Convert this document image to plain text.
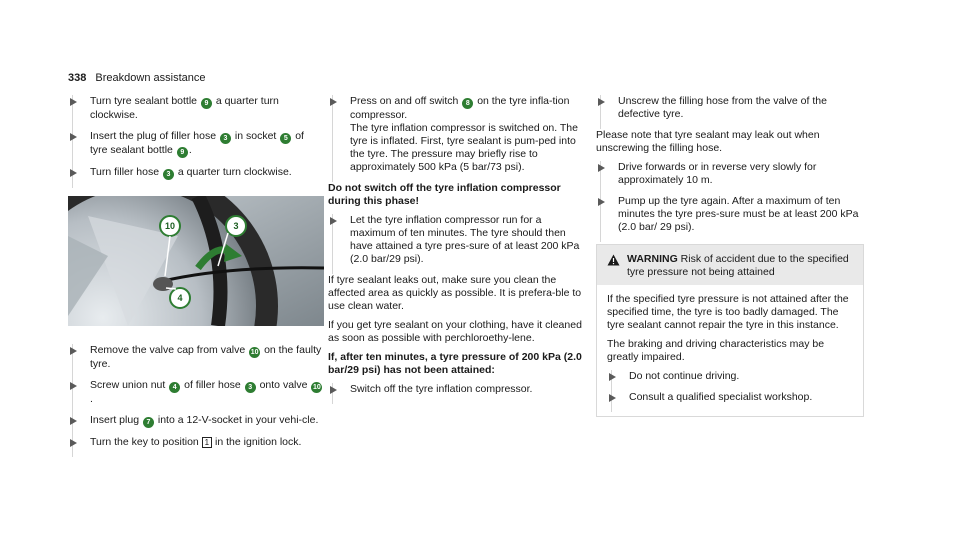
338 Breakdown assistance
Turn tyre sealant bottle 9 a quarter turn clockwise.
Insert the plug of filler hose 3 in socket 5 of tyre sealant bottle 9 .
Turn filler hose 3 a quarter turn clockwise.
10	3
4
Remove the valve cap from valve 10 on the faulty tyre.
Screw union nut 4 of filler hose 3 onto valve 10.
Insert plug 7 into a 12-V-socket in your vehi-cle.
Turn the key to position 1 in the ignition lock.
Press on and off switch 8 on the tyre infla-tion compressor.
The tyre inflation compressor is switched on. The tyre is inflated. First, tyre sealant is pum-ped into the tyre. The pressure may briefly rise to approximately 500 kPa (5 bar/73 psi).
Do not switch off the tyre inflation compressor during this phase!
Let the tyre inflation compressor run for a maximum of ten minutes. The tyre should then have attained a tyre pres-sure of at least 200 kPa (2.0 bar/29 psi).

If tyre sealant leaks out, make sure you clean the affected area as quickly as possible. It is prefera-ble to use clean water.

If you get tyre sealant on your clothing, have it cleaned as soon as possible with perchloroethy-lene.

If, after ten minutes, a tyre pressure of 200 kPa (2.0 bar/29 psi) has not been attained:
Switch off the tyre inflation compressor.
Unscrew the filling hose from the valve of the defective tyre.

Please note that tyre sealant may leak out when unscrewing the filling hose.

Drive forwards or in reverse very slowly for approximately 10 m.
Pump up the tyre again. After a maximum of ten minutes the tyre pres-sure must be at least 200 kPa (2.0 bar/ 29 psi).
WARNING Risk of accident due to the specified tyre pressure not being attained

If the specified tyre pressure is not attained after the specified time, the tyre is too badly damaged. The tyre sealant cannot repair the tyre in this instance.

The braking and driving characteristics may be greatly impaired.

Do not continue driving.
Consult a qualified specialist workshop.
